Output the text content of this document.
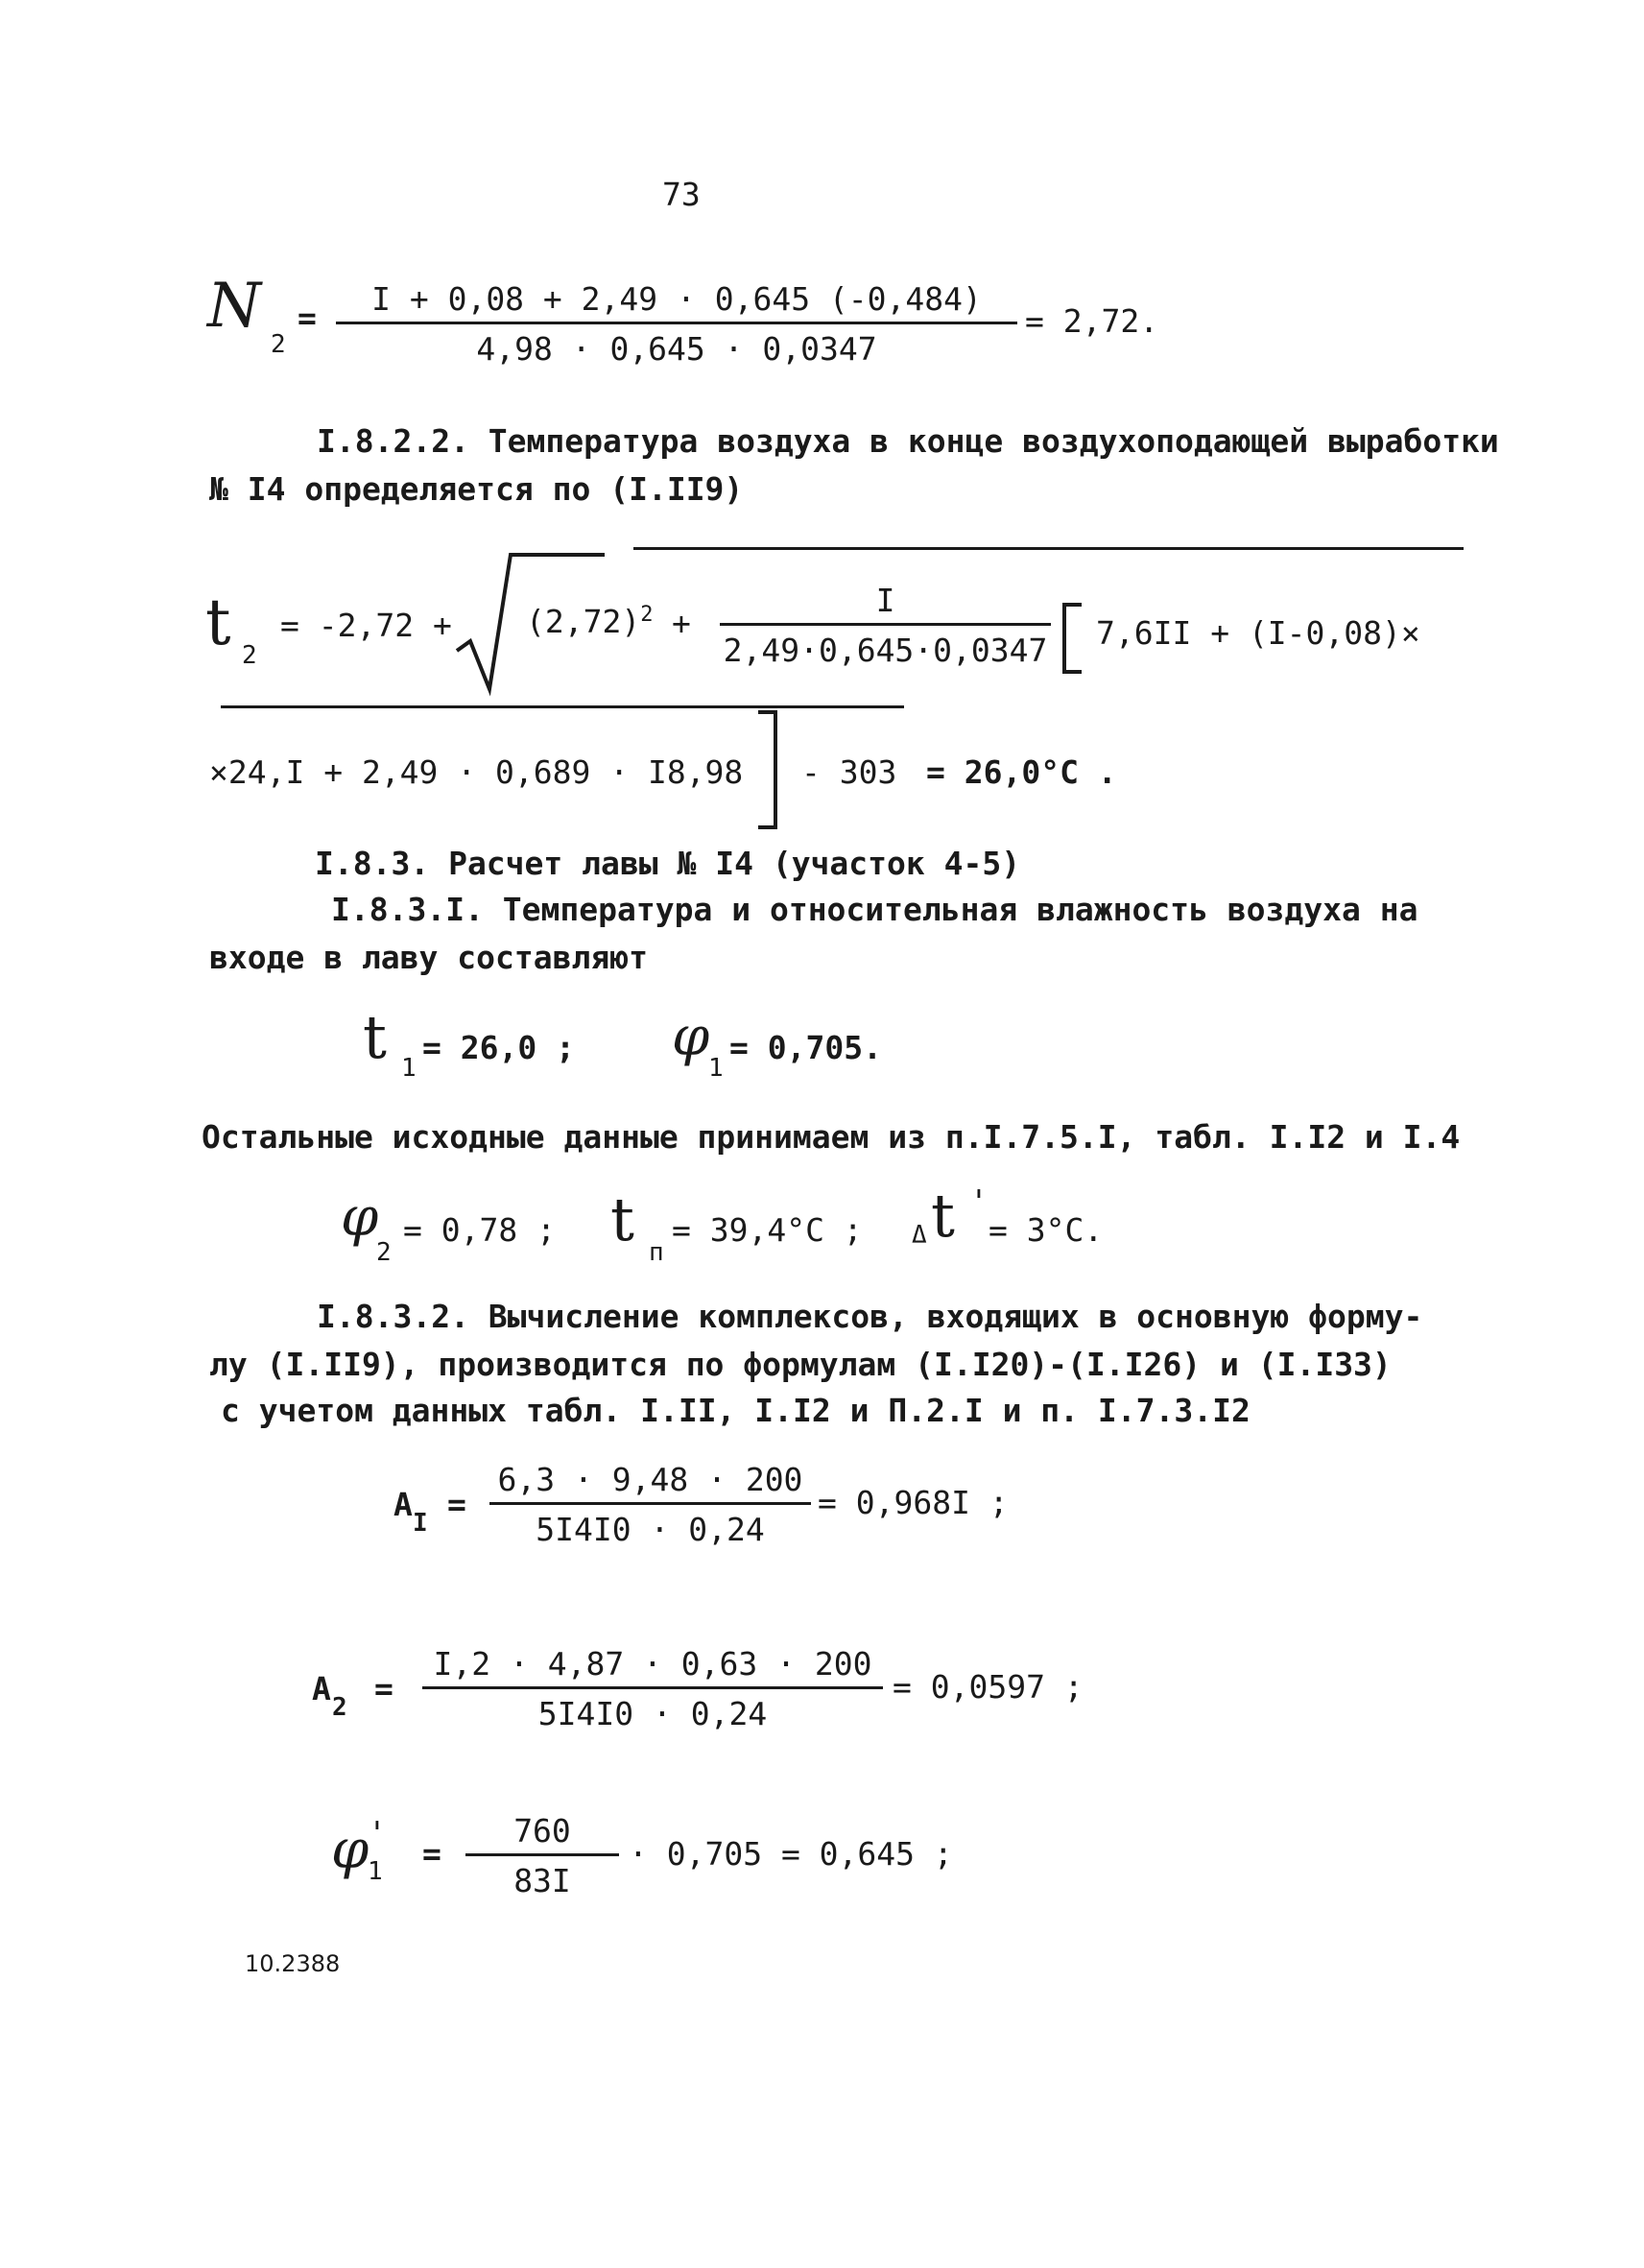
73
N
2
=
I + 0,08 + 2,49 · 0,645 (-0,484)
4,98 · 0,645 · 0,0347
= 2,72.
I.8.2.2. Температура воздуха в конце воздухоподающей выработки
№ I4 определяется по (I.II9)
t 2
= $-2,72 + (2,72)^2$ +
I
2,49·0,645·0,0347 7,6II + (I-0,08)×
×24,I + 2,49 · 0,689 · I8,98 - 303 = 26,0°C .
I.8.3. Расчет лавы № I4 (участок 4-5)
I.8.3.I. Температура и относительная влажность воздуха на
входе в лаву составляют
t 1
= 26,0 ; φ
1
= 0,705.
Остальные исходные данные принимаем из п.I.7.5.I, табл. I.I2 и I.4
φ
2
= 0,78 ; t п
= 39,4°С ; Δ t '
= 3°С.
I.8.3.2. Вычисление комплексов, входящих в основную форму-
лу (I.II9), производится по формулам (I.I20)-(I.I26) и (I.I33)
с учетом данных табл. I.II, I.I2 и П.2.I и п. I.7.3.I2
A I =
6,3 · 9,48 · 200
5I4I0 · 0,24
= 0,968I ;
A 2 =
I,2 · 4,87 · 0,63 · 200
5I4I0 · 0,24
= 0,0597 ;
φ
1
'
=
760
83I
· 0,705 = 0,645 ;
10.2388
